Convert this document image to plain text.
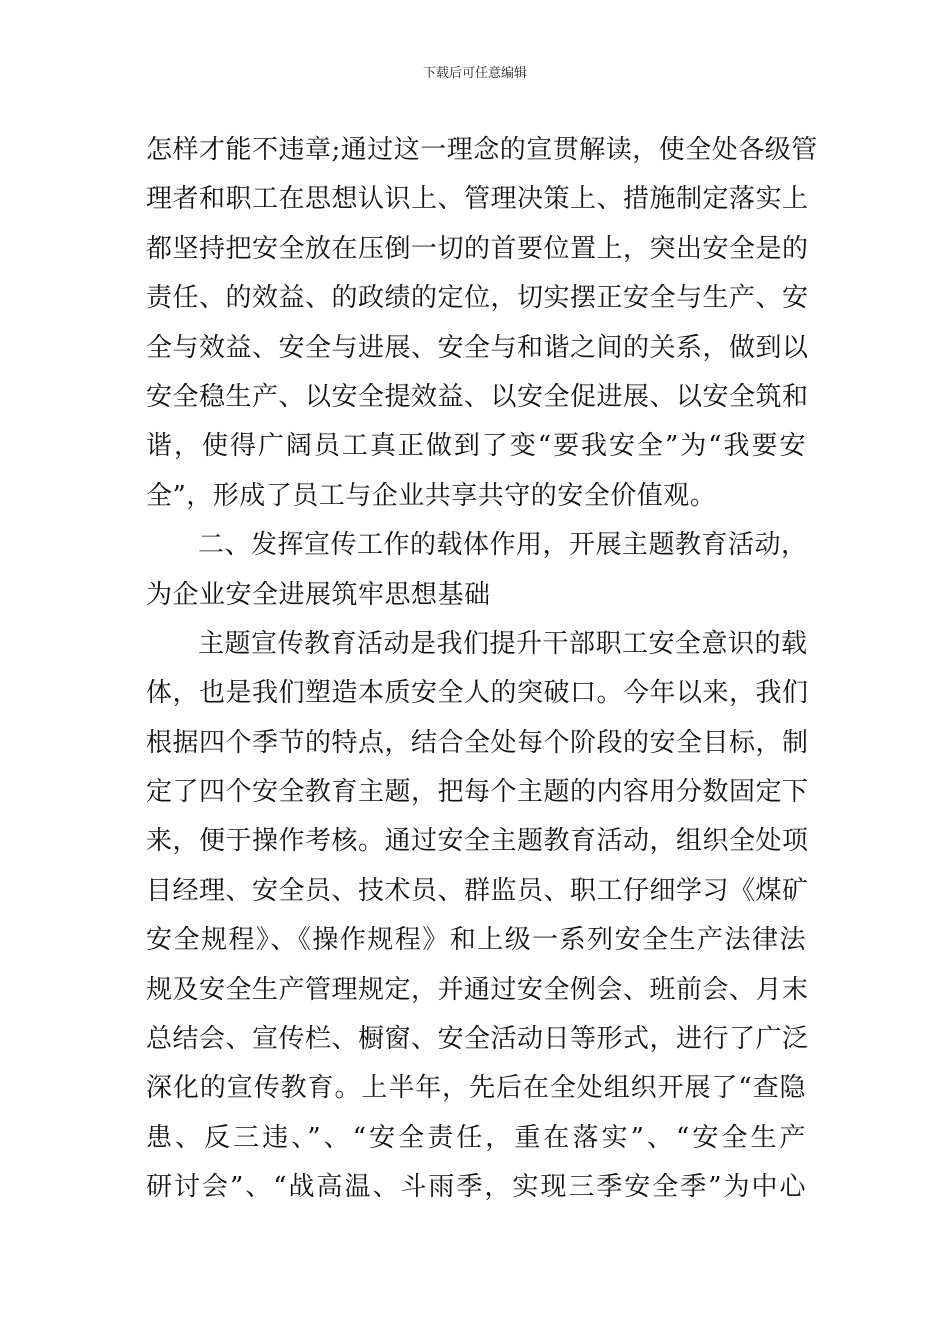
下载后可任意编辑
怎样才能不违章;通过这一理念的宣贯解读，使全处各级管
理者和职工在思想认识上、管理决策上、措施制定落实上
都坚持把安全放在压倒一切的首要位置上，突出安全是的
责任、的效益、的政绩的定位，切实摆正安全与生产、安
全与效益、安全与进展、安全与和谐之间的关系，做到以
安全稳生产、以安全提效益、以安全促进展、以安全筑和
谐，使得广阔员工真正做到了变“要我安全”为“我要安
全”，形成了员工与企业共享共守的安全价值观。
二、发挥宣传工作的载体作用，开展主题教育活动，
为企业安全进展筑牢思想基础
主题宣传教育活动是我们提升干部职工安全意识的载
体，也是我们塑造本质安全人的突破口。今年以来，我们
根据四个季节的特点，结合全处每个阶段的安全目标，制
定了四个安全教育主题，把每个主题的内容用分数固定下
来，便于操作考核。通过安全主题教育活动，组织全处项
目经理、安全员、技术员、群监员、职工仔细学习《煤矿
安全规程》、《操作规程》和上级一系列安全生产法律法
规及安全生产管理规定，并通过安全例会、班前会、月末
总结会、宣传栏、橱窗、安全活动日等形式，进行了广泛
深化的宣传教育。上半年，先后在全处组织开展了“查隐
患、反三违、”、“安全责任，重在落实”、“安全生产
研讨会”、“战高温、斗雨季，实现三季安全季”为中心
